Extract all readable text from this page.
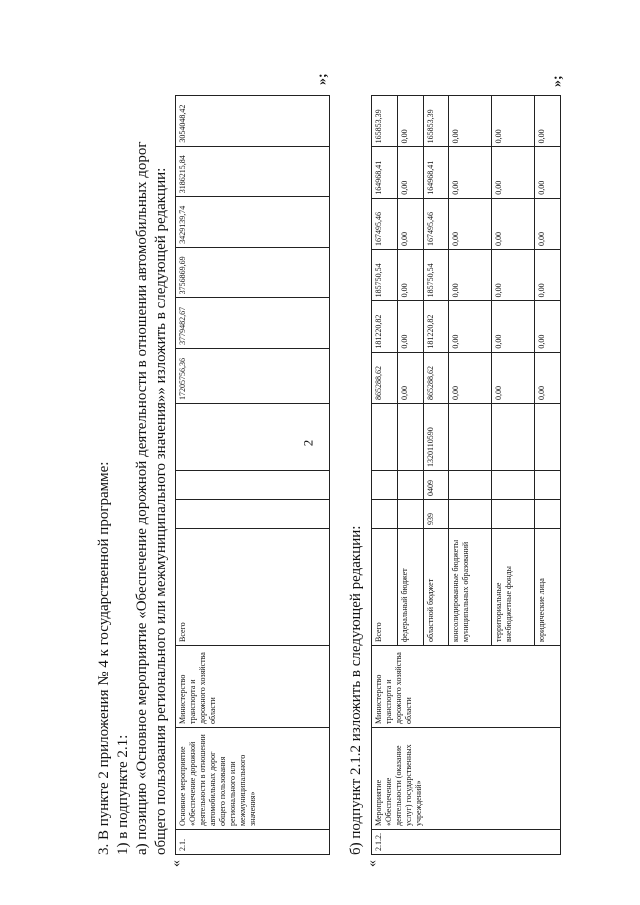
2
3. В пункте 2 приложения № 4 к государственной программе: 1) в подпункте 2.1: а) позицию «Основное мероприятие «Обеспечение дорожной деятельности в отношении автомобильных дорог общего пользования регионального или межмуниципального значения»» изложить в следующей редакции:
«
2.1.	Основное мероприятие «Обеспечение дорожной деятельности в отношении автомобильных дорог общего пользования регионального или межмуниципального значения»	Министерство транспорта и дорожного хозяйства области	Всего				17205756,36	3779482,67	3756869,69	3429139,74	3186215,84	3054048,42
»;
б) подпункт 2.1.2 изложить в следующей редакции:
«
2.1.2.	Мероприятие «Обеспечение деятельности (оказание услуг) государственных учреждений»	Министерство транспорта и дорожного хозяйства области	Всего				865288,62	181220,82	185750,54	167495,46	164968,41	165853,39
			федеральный бюджет				0,00	0,00	0,00	0,00	0,00	0,00
			областной бюджет	939	0409	1320110590	865288,62	181220,82	185750,54	167495,46	164968,41	165853,39
			консолидированные бюджеты муниципальных образований				0,00	0,00	0,00	0,00	0,00	0,00
			территориальные внебюджетные фонды				0,00	0,00	0,00	0,00	0,00	0,00
			юридические лица				0,00	0,00	0,00	0,00	0,00	0,00
»;
